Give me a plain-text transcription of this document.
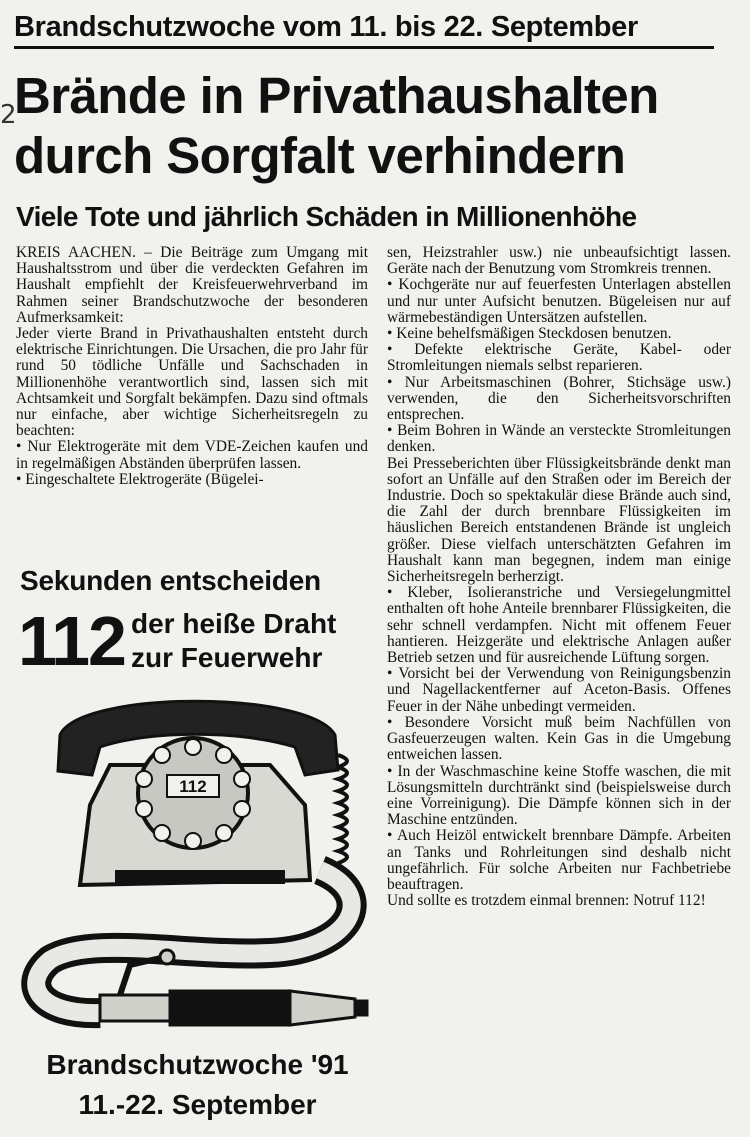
Brandschutzwoche vom 11. bis 22. September
2
Brände in Privathaushalten
durch Sorgfalt verhindern
Viele Tote und jährlich Schäden in Millionenhöhe

KREIS AACHEN. – Die Beiträge zum Umgang mit Haushaltsstrom und über die verdeckten Gefahren im Haushalt empfiehlt der Kreisfeuerwehrverband im Rahmen seiner Brandschutzwoche der besonderen Aufmerksamkeit:

Jeder vierte Brand in Privathaushalten entsteht durch elektrische Einrichtungen. Die Ursachen, die pro Jahr für rund 50 tödliche Unfälle und Sachschaden in Millionenhöhe verantwortlich sind, lassen sich mit Achtsamkeit und Sorgfalt bekämpfen. Dazu sind oftmals nur einfache, aber wichtige Sicherheitsregeln zu beachten:

• Nur Elektrogeräte mit dem VDE-Zeichen kaufen und in regelmäßigen Abständen überprüfen lassen.

• Eingeschaltete Elektrogeräte (Bügelei-

sen, Heizstrahler usw.) nie unbeaufsichtigt lassen. Geräte nach der Benutzung vom Stromkreis trennen.

• Kochgeräte nur auf feuerfesten Unterlagen abstellen und nur unter Aufsicht benutzen. Bügeleisen nur auf wärmebeständigen Untersätzen aufstellen.

• Keine behelfsmäßigen Steckdosen benutzen.

• Defekte elektrische Geräte, Kabel- oder Stromleitungen niemals selbst reparieren.

• Nur Arbeitsmaschinen (Bohrer, Stichsäge usw.) verwenden, die den Sicherheitsvorschriften entsprechen.

• Beim Bohren in Wände an versteckte Stromleitungen denken.

Bei Presseberichten über Flüssigkeitsbrände denkt man sofort an Unfälle auf den Straßen oder im Bereich der Industrie. Doch so spektakulär diese Brände auch sind, die Zahl der durch brennbare Flüssigkeiten im häuslichen Bereich entstandenen Brände ist ungleich größer. Diese vielfach unterschätzten Gefahren im Haushalt kann man begegnen, indem man einige Sicherheitsregeln berherzigt.

• Kleber, Isolieranstriche und Versiegelungmittel enthalten oft hohe Anteile brennbarer Flüssigkeiten, die sehr schnell verdampfen. Nicht mit offenem Feuer hantieren. Heizgeräte und elektrische Anlagen außer Betrieb setzen und für ausreichende Lüftung sorgen.

• Vorsicht bei der Verwendung von Reinigungsbenzin und Nagellackentferner auf Aceton-Basis. Offenes Feuer in der Nähe unbedingt vermeiden.

• Besondere Vorsicht muß beim Nachfüllen von Gasfeuerzeugen walten. Kein Gas in die Umgebung entweichen lassen.

• In der Waschmaschine keine Stoffe waschen, die mit Lösungsmitteln durchtränkt sind (beispielsweise durch eine Vorreinigung). Die Dämpfe können sich in der Maschine entzünden.

• Auch Heizöl entwickelt brennbare Dämpfe. Arbeiten an Tanks und Rohrleitungen sind deshalb nicht ungefährlich. Für solche Arbeiten nur Fachbetriebe beauftragen.

Und sollte es trotzdem einmal brennen: Notruf 112!

Sekunden entscheiden
112 der heiße Draht
zur Feuerwehr
112
Brandschutzwoche '91
11.-22. September
